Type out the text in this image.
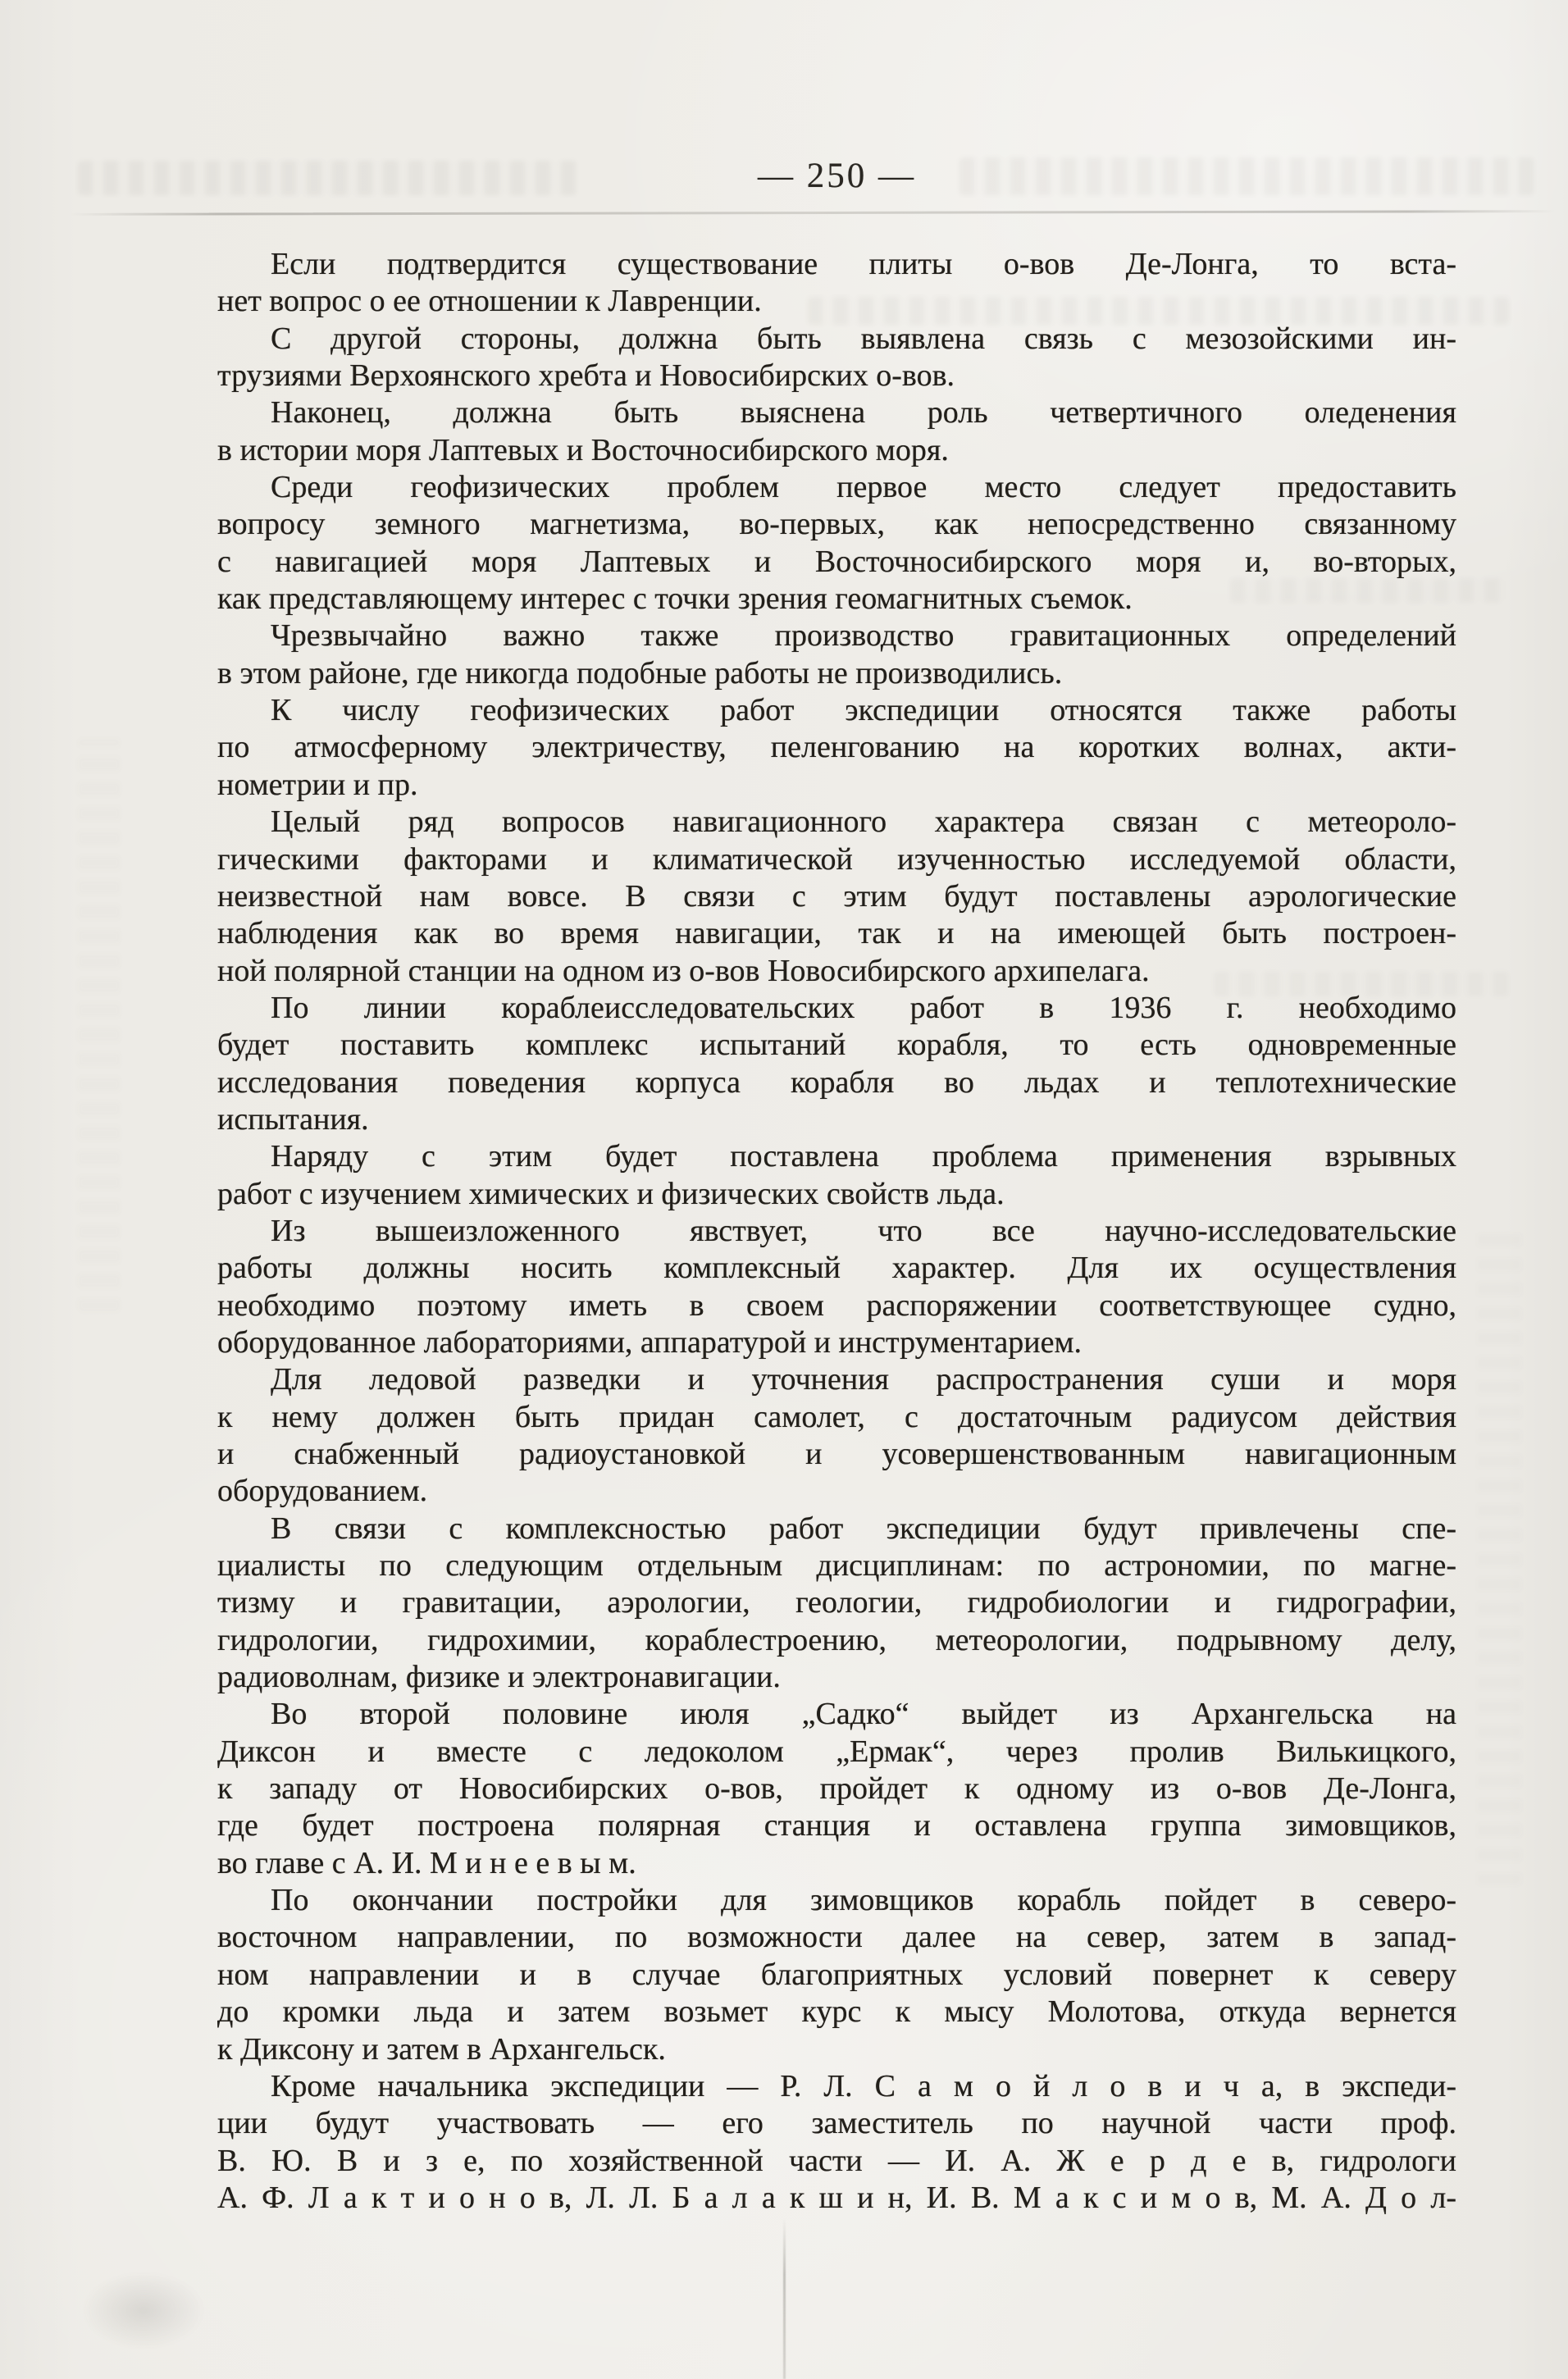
— 250 —
Если подтвердится существование плиты о-вов Де-Лонга, то вста-
нет вопрос о ее отношении к Лавренции.
С другой стороны, должна быть выявлена связь с мезозойскими ин-
трузиями Верхоянского хребта и Новосибирских о-вов.
Наконец, должна быть выяснена роль четвертичного оледенения
в истории моря Лаптевых и Восточносибирского моря.
Среди геофизических проблем первое место следует предоставить
вопросу земного магнетизма, во-первых, как непосредственно связанному
с навигацией моря Лаптевых и Восточносибирского моря и, во-вторых,
как представляющему интерес с точки зрения геомагнитных съемок.
Чрезвычайно важно также производство гравитационных определений
в этом районе, где никогда подобные работы не производились.
К числу геофизических работ экспедиции относятся также работы
по атмосферному электричеству, пеленгованию на коротких волнах, акти-
нометрии и пр.
Целый ряд вопросов навигационного характера связан с метеороло-
гическими факторами и климатической изученностью исследуемой области,
неизвестной нам вовсе. В связи с этим будут поставлены аэрологические
наблюдения как во время навигации, так и на имеющей быть построен-
ной полярной станции на одном из о-вов Новосибирского архипелага.
По линии кораблеисследовательских работ в 1936 г. необходимо
будет поставить комплекс испытаний корабля, то есть одновременные
исследования поведения корпуса корабля во льдах и теплотехнические
испытания.
Наряду с этим будет поставлена проблема применения взрывных
работ с изучением химических и физических свойств льда.
Из вышеизложенного явствует, что все научно-исследовательские
работы должны носить комплексный характер. Для их осуществления
необходимо поэтому иметь в своем распоряжении соответствующее судно,
оборудованное лабораториями, аппаратурой и инструментарием.
Для ледовой разведки и уточнения распространения суши и моря
к нему должен быть придан самолет, с достаточным радиусом действия
и снабженный радиоустановкой и усовершенствованным навигационным
оборудованием.
В связи с комплексностью работ экспедиции будут привлечены спе-
циалисты по следующим отдельным дисциплинам: по астрономии, по магне-
тизму и гравитации, аэрологии, геологии, гидробиологии и гидрографии,
гидрологии, гидрохимии, кораблестроению, метеорологии, подрывному делу,
радиоволнам, физике и электронавигации.
Во второй половине июля „Садко“ выйдет из Архангельска на
Диксон и вместе с ледоколом „Ермак“, через пролив Вилькицкого,
к западу от Новосибирских о-вов, пройдет к одному из о-вов Де-Лонга,
где будет построена полярная станция и оставлена группа зимовщиков,
во главе с А. И. М и н е е в ы м.
По окончании постройки для зимовщиков корабль пойдет в северо-
восточном направлении, по возможности далее на север, затем в запад-
ном направлении и в случае благоприятных условий повернет к северу
до кромки льда и затем возьмет курс к мысу Молотова, откуда вернется
к Диксону и затем в Архангельск.
Кроме начальника экспедиции — Р. Л. С а м о й л о в и ч а, в экспеди-
ции будут участвовать — его заместитель по научной части проф.
В. Ю. В и з е, по хозяйственной части — И. А. Ж е р д е в, гидрологи
А. Ф. Л а к т и о н о в, Л. Л. Б а л а к ш и н, И. В. М а к с и м о в, М. А. Д о л-
